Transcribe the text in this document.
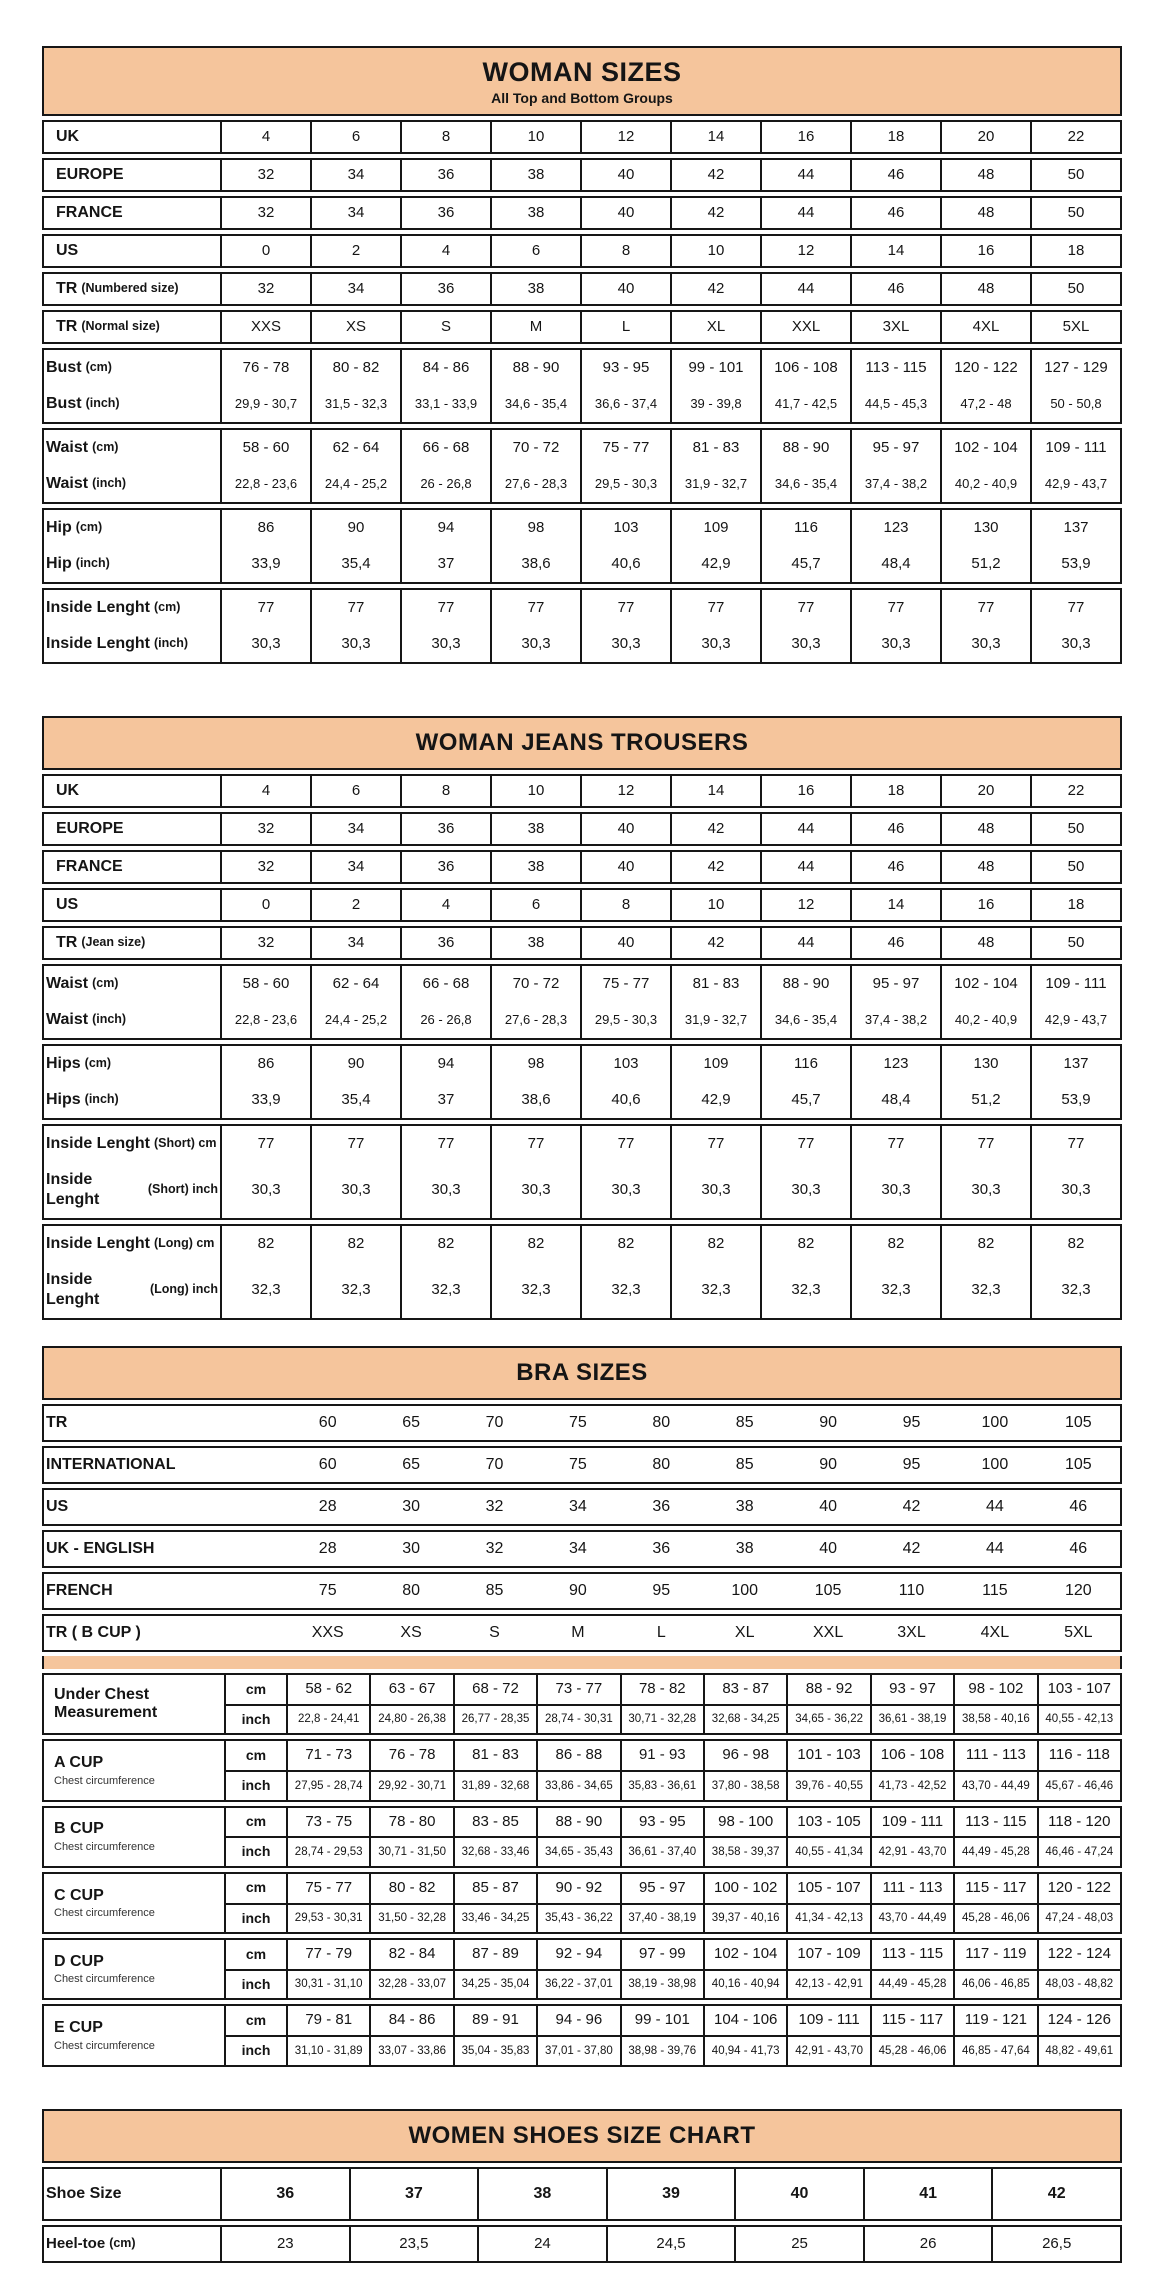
WOMAN SIZES
All Top and Bottom Groups
UK	4	6	8	10	12	14	16	18	20	22
EUROPE	32	34	36	38	40	42	44	46	48	50
FRANCE	32	34	36	38	40	42	44	46	48	50
US	0	2	4	6	8	10	12	14	16	18
TR (Numbered size)	32	34	36	38	40	42	44	46	48	50
TR (Normal size)	XXS	XS	S	M	L	XL	XXL	3XL	4XL	5XL
Bust (cm)	76 - 78	80 - 82	84 - 86	88 - 90	93 - 95	99 - 101	106 - 108	113 - 115	120 - 122	127 - 129
Bust (inch)	29,9 - 30,7	31,5 - 32,3	33,1 - 33,9	34,6 - 35,4	36,6 - 37,4	39 - 39,8	41,7 - 42,5	44,5 - 45,3	47,2 - 48	50 - 50,8
Waist (cm)	58 - 60	62 - 64	66 - 68	70 - 72	75 - 77	81 - 83	88 - 90	95 - 97	102 - 104	109 - 111
Waist (inch)	22,8 - 23,6	24,4 - 25,2	26 - 26,8	27,6 - 28,3	29,5 - 30,3	31,9 - 32,7	34,6 - 35,4	37,4 - 38,2	40,2 - 40,9	42,9 - 43,7
Hip (cm)	86	90	94	98	103	109	116	123	130	137
Hip (inch)	33,9	35,4	37	38,6	40,6	42,9	45,7	48,4	51,2	53,9
Inside Lenght (cm)	77	77	77	77	77	77	77	77	77	77
Inside Lenght (inch)	30,3	30,3	30,3	30,3	30,3	30,3	30,3	30,3	30,3	30,3
WOMAN JEANS TROUSERS
UK	4	6	8	10	12	14	16	18	20	22
EUROPE	32	34	36	38	40	42	44	46	48	50
FRANCE	32	34	36	38	40	42	44	46	48	50
US	0	2	4	6	8	10	12	14	16	18
TR (Jean size)	32	34	36	38	40	42	44	46	48	50
Waist (cm)	58 - 60	62 - 64	66 - 68	70 - 72	75 - 77	81 - 83	88 - 90	95 - 97	102 - 104	109 - 111
Waist (inch)	22,8 - 23,6	24,4 - 25,2	26 - 26,8	27,6 - 28,3	29,5 - 30,3	31,9 - 32,7	34,6 - 35,4	37,4 - 38,2	40,2 - 40,9	42,9 - 43,7
Hips (cm)	86	90	94	98	103	109	116	123	130	137
Hips (inch)	33,9	35,4	37	38,6	40,6	42,9	45,7	48,4	51,2	53,9
Inside Lenght (Short) cm	77	77	77	77	77	77	77	77	77	77
Inside Lenght
(Short) inch	30,3	30,3	30,3	30,3	30,3	30,3	30,3	30,3	30,3	30,3
Inside Lenght (Long) cm	82	82	82	82	82	82	82	82	82	82
Inside Lenght
(Long) inch	32,3	32,3	32,3	32,3	32,3	32,3	32,3	32,3	32,3	32,3
BRA SIZES
TR	60	65	70	75	80	85	90	95	100	105
INTERNATIONAL	60	65	70	75	80	85	90	95	100	105
US	28	30	32	34	36	38	40	42	44	46
UK - ENGLISH	28	30	32	34	36	38	40	42	44	46
FRENCH	75	80	85	90	95	100	105	110	115	120
TR ( B CUP )	XXS	XS	S	M	L	XL	XXL	3XL	4XL	5XL
Under Chest Measurement
cm	58 - 62	63 - 67	68 - 72	73 - 77	78 - 82	83 - 87	88 - 92	93 - 97	98 - 102	103 - 107
inch	22,8 - 24,41	24,80 - 26,38	26,77 - 28,35	28,74 - 30,31	30,71 - 32,28	32,68 - 34,25	34,65 - 36,22	36,61 - 38,19	38,58 - 40,16	40,55 - 42,13
A CUP
Chest circumference
cm	71 - 73	76 - 78	81 - 83	86 - 88	91 - 93	96 - 98	101 - 103	106 - 108	111 - 113	116 - 118
inch	27,95 - 28,74	29,92 - 30,71	31,89 - 32,68	33,86 - 34,65	35,83 - 36,61	37,80 - 38,58	39,76 - 40,55	41,73 - 42,52	43,70 - 44,49	45,67 - 46,46
B CUP
Chest circumference
cm	73 - 75	78 - 80	83 - 85	88 - 90	93 - 95	98 - 100	103 - 105	109 - 111	113 - 115	118 - 120
inch	28,74 - 29,53	30,71 - 31,50	32,68 - 33,46	34,65 - 35,43	36,61 - 37,40	38,58 - 39,37	40,55 - 41,34	42,91 - 43,70	44,49 - 45,28	46,46 - 47,24
C CUP
Chest circumference
cm	75 - 77	80 - 82	85 - 87	90 - 92	95 - 97	100 - 102	105 - 107	111 - 113	115 - 117	120 - 122
inch	29,53 - 30,31	31,50 - 32,28	33,46 - 34,25	35,43 - 36,22	37,40 - 38,19	39,37 - 40,16	41,34 - 42,13	43,70 - 44,49	45,28 - 46,06	47,24 - 48,03
D CUP
Chest circumference
cm	77 - 79	82 - 84	87 - 89	92 - 94	97 - 99	102 - 104	107 - 109	113 - 115	117 - 119	122 - 124
inch	30,31 - 31,10	32,28 - 33,07	34,25 - 35,04	36,22 - 37,01	38,19 - 38,98	40,16 - 40,94	42,13 - 42,91	44,49 - 45,28	46,06 - 46,85	48,03 - 48,82
E CUP
Chest circumference
cm	79 - 81	84 - 86	89 - 91	94 - 96	99 - 101	104 - 106	109 - 111	115 - 117	119 - 121	124 - 126
inch	31,10 - 31,89	33,07 - 33,86	35,04 - 35,83	37,01 - 37,80	38,98 - 39,76	40,94 - 41,73	42,91 - 43,70	45,28 - 46,06	46,85 - 47,64	48,82 - 49,61
WOMEN SHOES SIZE CHART
Shoe Size	36	37	38	39	40	41	42
Heel-toe (cm)	23	23,5	24	24,5	25	26	26,5
